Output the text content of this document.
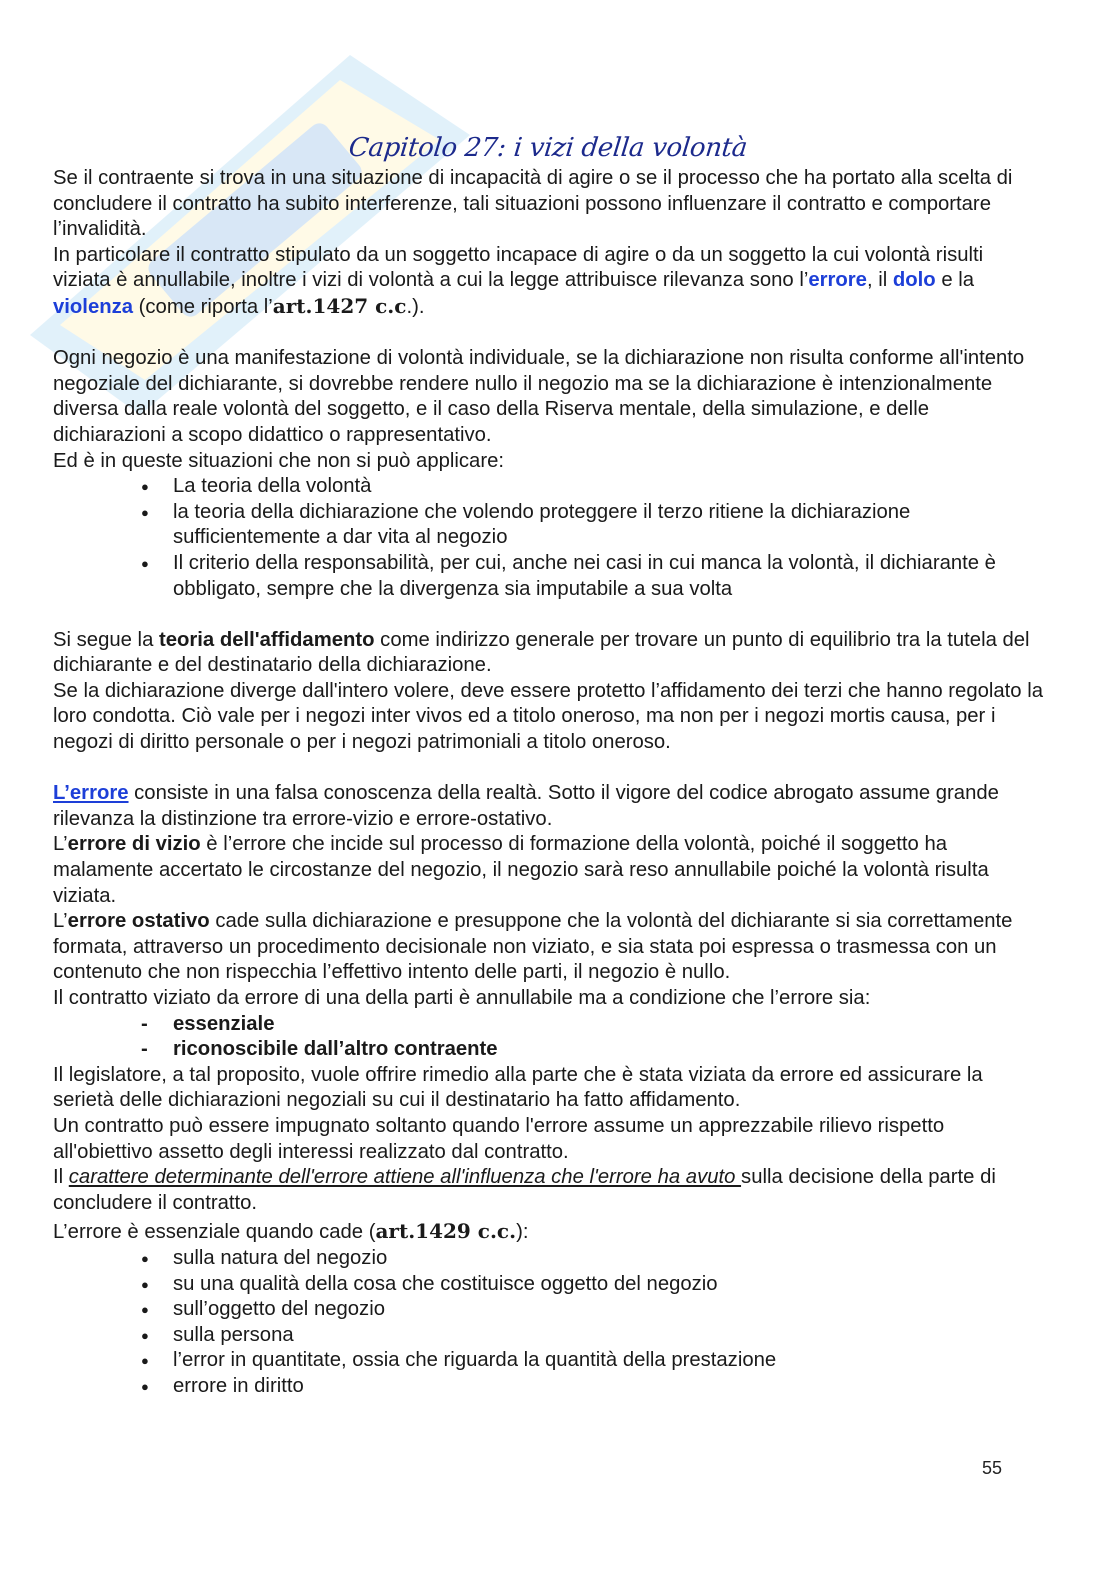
Capitolo 27: i vizi della volontà

Se il contraente si trova in una situazione di incapacità di agire o se il processo che ha portato alla scelta di concludere il contratto ha subito interferenze, tali situazioni possono influenzare il contratto e comportare l’invalidità.

In particolare il contratto stipulato da un soggetto incapace di agire o da un soggetto la cui volontà risulti viziata è annullabile, inoltre i vizi di volontà a cui la legge attribuisce rilevanza sono l’errore, il dolo e la violenza (come riporta l’art.1427 c.c.).

Ogni negozio è una manifestazione di volontà individuale, se la dichiarazione non risulta conforme all'intento negoziale del dichiarante, si dovrebbe rendere nullo il negozio ma se la dichiarazione è intenzionalmente diversa dalla reale volontà del soggetto, e il caso della Riserva mentale, della simulazione, e delle dichiarazioni a scopo didattico o rappresentativo.

Ed è in queste situazioni che non si può applicare:

● La teoria della volontà
● la teoria della dichiarazione che volendo proteggere il terzo ritiene la dichiarazione sufficientemente a dar vita al negozio
● Il criterio della responsabilità, per cui, anche nei casi in cui manca la volontà, il dichiarante è obbligato, sempre che la divergenza sia imputabile a sua volta

Si segue la teoria dell'affidamento come indirizzo generale per trovare un punto di equilibrio tra la tutela del dichiarante e del destinatario della dichiarazione.

Se la dichiarazione diverge dall'intero volere, deve essere protetto l’affidamento dei terzi che hanno regolato la loro condotta. Ciò vale per i negozi inter vivos ed a titolo oneroso, ma non per i negozi mortis causa, per i negozi di diritto personale o per i negozi patrimoniali a titolo oneroso.

L’errore consiste in una falsa conoscenza della realtà. Sotto il vigore del codice abrogato assume grande rilevanza la distinzione tra errore-vizio e errore-ostativo.

L’errore di vizio è l’errore che incide sul processo di formazione della volontà, poiché il soggetto ha malamente accertato le circostanze del negozio, il negozio sarà reso annullabile poiché la volontà risulta viziata.

L’errore ostativo cade sulla dichiarazione e presuppone che la volontà del dichiarante si sia correttamente formata, attraverso un procedimento decisionale non viziato, e sia stata poi espressa o trasmessa con un contenuto che non rispecchia l’effettivo intento delle parti, il negozio è nullo.

Il contratto viziato da errore di una della parti è annullabile ma a condizione che l’errore sia:

- essenziale
- riconoscibile dall’altro contraente

Il legislatore, a tal proposito, vuole offrire rimedio alla parte che è stata viziata da errore ed assicurare la serietà delle dichiarazioni negoziali su cui il destinatario ha fatto affidamento.

Un contratto può essere impugnato soltanto quando l'errore assume un apprezzabile rilievo rispetto all'obiettivo assetto degli interessi realizzato dal contratto.

Il carattere determinante dell'errore attiene all'influenza che l'errore ha avuto sulla decisione della parte di concludere il contratto.

L’errore è essenziale quando cade (art.1429 c.c.):

● sulla natura del negozio
● su una qualità della cosa che costituisce oggetto del negozio
● sull’oggetto del negozio
● sulla persona
● l’error in quantitate, ossia che riguarda la quantità della prestazione
● errore in diritto
55
